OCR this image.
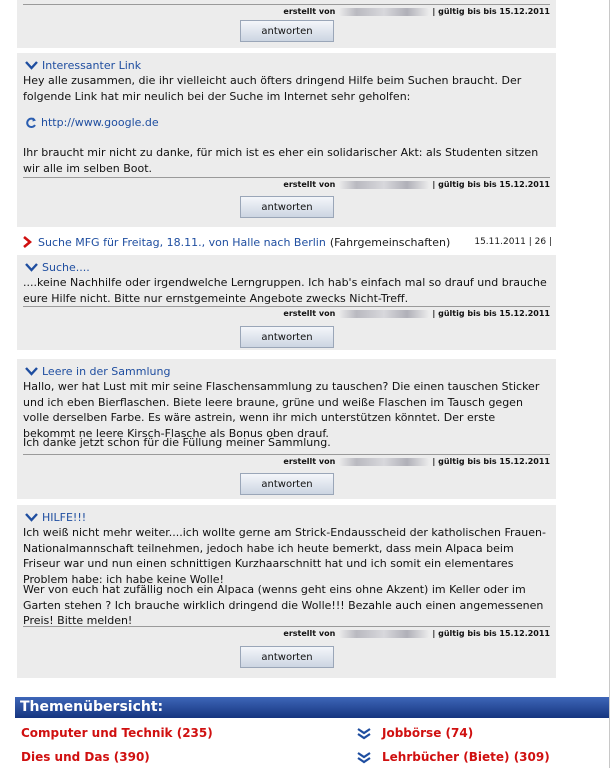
erstellt von	| gültig bis bis 15.12.2011
antworten
Interessanter Link
Hey alle zusammen, die ihr vielleicht auch öfters dringend Hilfe beim Suchen braucht. Der folgende Link hat mir neulich bei der Suche im Internet sehr geholfen:
http://www.google.de
Ihr braucht mir nicht zu danke, für mich ist es eher ein solidarischer Akt: als Studenten sitzen wir alle im selben Boot.
erstellt von	| gültig bis bis 15.12.2011
antworten
Suche MFG für Freitag, 18.11., von Halle nach Berlin (Fahrgemeinschaften)	15.11.2011 | 26 |
Suche....
....keine Nachhilfe oder irgendwelche Lerngruppen. Ich hab's einfach mal so drauf und brauche eure Hilfe nicht. Bitte nur ernstgemeinte Angebote zwecks Nicht-Treff.
erstellt von	| gültig bis bis 15.12.2011
antworten
Leere in der Sammlung
Hallo, wer hat Lust mit mir seine Flaschensammlung zu tauschen? Die einen tauschen Sticker und ich eben Bierflaschen. Biete leere braune, grüne und weiße Flaschen im Tausch gegen volle derselben Farbe. Es wäre astrein, wenn ihr mich unterstützen könntet. Der erste bekommt ne leere Kirsch-Flasche als Bonus oben drauf.
Ich danke jetzt schon für die Füllung meiner Sammlung.
erstellt von	| gültig bis bis 15.12.2011
antworten
HILFE!!!
Ich weiß nicht mehr weiter....ich wollte gerne am Strick-Endausscheid der katholischen Frauen-Nationalmannschaft teilnehmen, jedoch habe ich heute bemerkt, dass mein Alpaca beim Friseur war und nun einen schnittigen Kurzhaarschnitt hat und ich somit ein elementares Problem habe: ich habe keine Wolle!
Wer von euch hat zufällig noch ein Alpaca (wenns geht eins ohne Akzent) im Keller oder im Garten stehen ? Ich brauche wirklich dringend die Wolle!!! Bezahle auch einen angemessenen Preis! Bitte melden!
erstellt von	| gültig bis bis 15.12.2011
antworten
Themenübersicht:
Computer und Technik (235)	Jobbörse (74)
Dies und Das (390)	Lehrbücher (Biete) (309)
